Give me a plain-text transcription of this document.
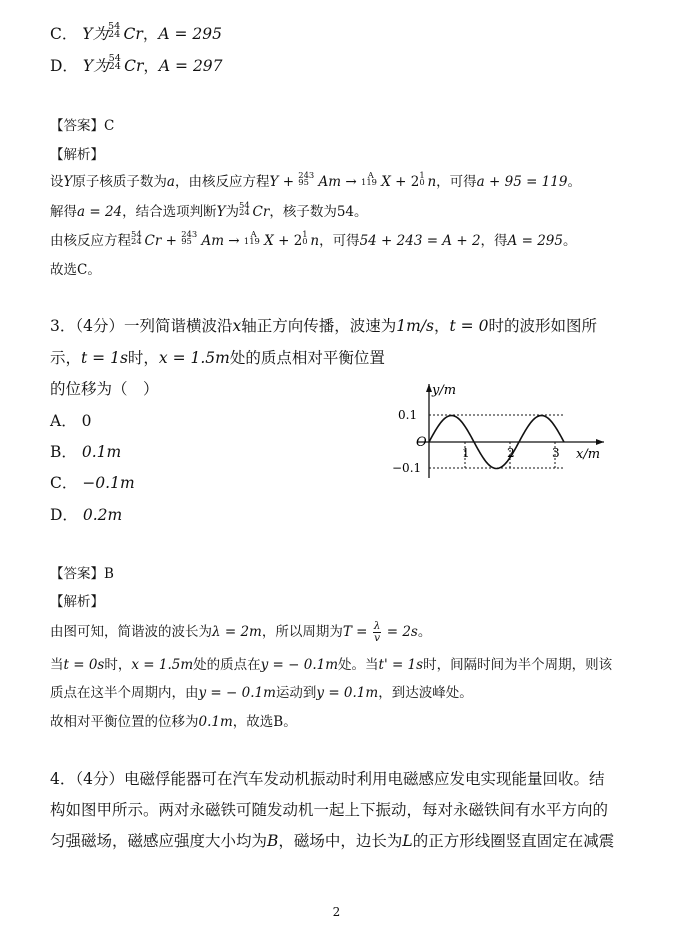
C． Y为 54
24 Cr，A = 295
D． Y为 54
24 Cr，A = 297
【答案】C
【解析】
设Y原子核质子数为a，由核反应方程Y + 243
95 Am → A
119 X + 2 1
0 n，可得a + 95 = 119。
解得a = 24，结合选项判断Y为 54
24 Cr，核子数为54。
由核反应方程 54
24 Cr + 243
95 Am → A
119 X + 2 1
0 n，可得54 + 243 = A + 2，得A = 295。
故选C。
3．（4分）一列简谐横波沿x轴正方向传播，波速为1m/s，t = 0时的波形如图所
示，t = 1s时，x = 1.5m处的质点相对平衡位置
的位移为（　）
A． 0
B． 0.1m
C． −0.1m
D． 0.2m
y/m
x/m
O
0.1
−0.1
1	2	3
【答案】B
【解析】
由图可知，简谐波的波长为λ = 2m，所以周期为$T = \frac{\lambda}{v} = 2s$。
当t = 0s时，x = 1.5m处的质点在y = − 0.1m处。当t' = 1s时，间隔时间为半个周期，则该
质点在这半个周期内，由y = − 0.1m运动到y = 0.1m，到达波峰处。
故相对平衡位置的位移为0.1m，故选B。
4．（4分）电磁俘能器可在汽车发动机振动时利用电磁感应发电实现能量回收。结
构如图甲所示。两对永磁铁可随发动机一起上下振动，每对永磁铁间有水平方向的
匀强磁场，磁感应强度大小均为B，磁场中，边长为L的正方形线圈竖直固定在减震
2
